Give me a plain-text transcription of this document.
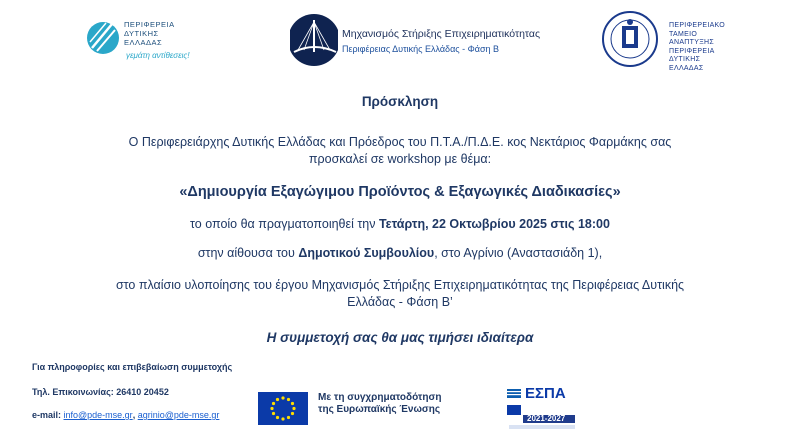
ΠΕΡΙΦΕΡΕΙΑ
ΔΥΤΙΚΗΣ
ΕΛΛΑΔΑΣ
γεμάτη αντίθεσεις!
Μηχανισμός Στήριξης Επιχειρηματικότητας
Περιφέρειας Δυτικής Ελλάδας - Φάση Β
ΠΕΡΙΦΕΡΕΙΑΚΟ
ΤΑΜΕΙΟ
ΑΝΑΠΤΥΞΗΣ
ΠΕΡΙΦΕΡΕΙΑ
ΔΥΤΙΚΗΣ
ΕΛΛΑΔΑΣ
Πρόσκληση
Ο Περιφερειάρχης Δυτικής Ελλάδας και Πρόεδρος του Π.Τ.Α./Π.Δ.Ε. κος Νεκτάριος Φαρμάκης σας
προσκαλεί σε workshop με θέμα:
«Δημιουργία Εξαγώγιμου Προϊόντος & Εξαγωγικές Διαδικασίες»
το οποίο θα πραγματοποιηθεί την Τετάρτη, 22 Οκτωβρίου 2025 στις 18:00
στην αίθουσα του Δημοτικού Συμβουλίου, στο Αγρίνιο (Αναστασιάδη 1),
στο πλαίσιο υλοποίησης του έργου Μηχανισμός Στήριξης Επιχειρηματικότητας της Περιφέρειας Δυτικής
Ελλάδας - Φάση Β’
Η συμμετοχή σας θα μας τιμήσει ιδιαίτερα
Για πληροφορίες και επιβεβαίωση συμμετοχής
Τηλ. Επικοινωνίας: 26410 20452
e-mail: info@pde-mse.gr, agrinio@pde-mse.gr
Με τη συγχρηματοδότηση
της Ευρωπαϊκής Ένωσης
ΕΣΠΑ
2021-2027
